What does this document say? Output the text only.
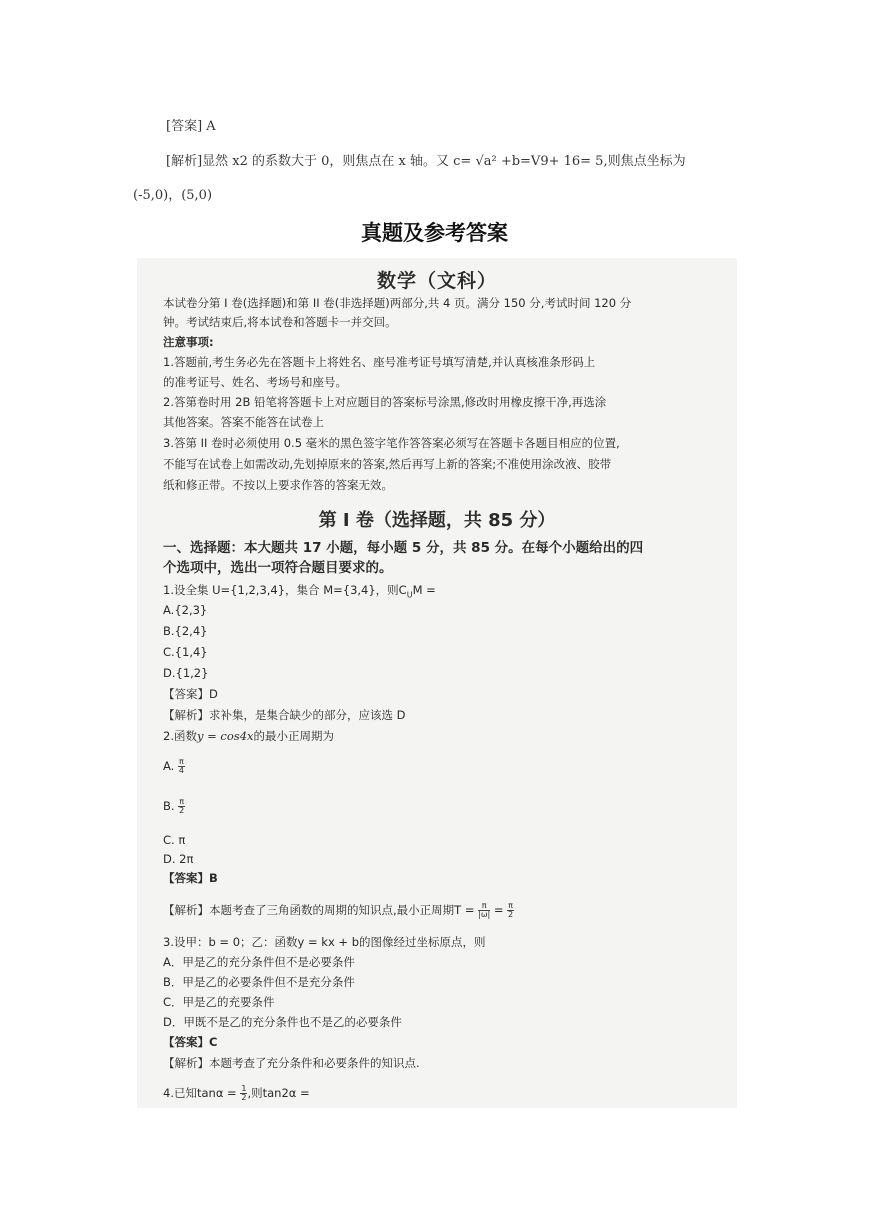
[答案] A
[解析]显然 x2 的系数大于 0，则焦点在 x 轴。又 c= √a² +b=V9+ 16= 5,则焦点坐标为
(-5,0)，(5,0)
真题及参考答案
数学（文科）
本试卷分第 I 卷(选择题)和第 II 卷(非选择题)两部分,共 4 页。满分 150 分,考试时间 120 分
钟。考试结束后,将本试卷和答题卡一并交回。
注意事项:
1.答题前,考生务必先在答题卡上将姓名、座号准考证号填写清楚,并认真核准条形码上
的准考证号、姓名、考场号和座号。
2.答第卷时用 2B 铅笔将答题卡上对应题目的答案标号涂黑,修改时用橡皮擦干净,再选涂
其他答案。答案不能答在试卷上
3.答第 II 卷时必须使用 0.5 毫米的黑色签字笔作答答案必须写在答题卡各题目相应的位置,
不能写在试卷上如需改动,先划掉原来的答案,然后再写上新的答案;不准使用涂改液、胶带
纸和修正带。不按以上要求作答的答案无效。
第 I 卷（选择题，共 85 分）
一、选择题：本大题共 17 小题，每小题 5 分，共 85 分。在每个小题给出的四
个选项中，选出一项符合题目要求的。
1.设全集 U={1,2,3,4}，集合 M={3,4}，则$C_UM$ =
A.{2,3}
B.{2,4}
C.{1,4}
D.{1,2}
【答案】D
【解析】求补集，是集合缺少的部分，应该选 D
2.函数y = cos4x的最小正周期为
A. $\frac{\pi}{4}$
B. $\frac{\pi}{2}$
C. π
D. 2π
【答案】B
【解析】本题考查了三角函数的周期的知识点,最小正周期$T = \frac{\pi}{|\omega|} = \frac{\pi}{2}$
3.设甲：b = 0；乙：函数y = kx + b的图像经过坐标原点，则
A．甲是乙的充分条件但不是必要条件
B．甲是乙的必要条件但不是充分条件
C．甲是乙的充要条件
D．甲既不是乙的充分条件也不是乙的必要条件
【答案】C
【解析】本题考查了充分条件和必要条件的知识点.
4.已知$\tan\alpha = \frac{1}{2}$ ,则tan2α =
